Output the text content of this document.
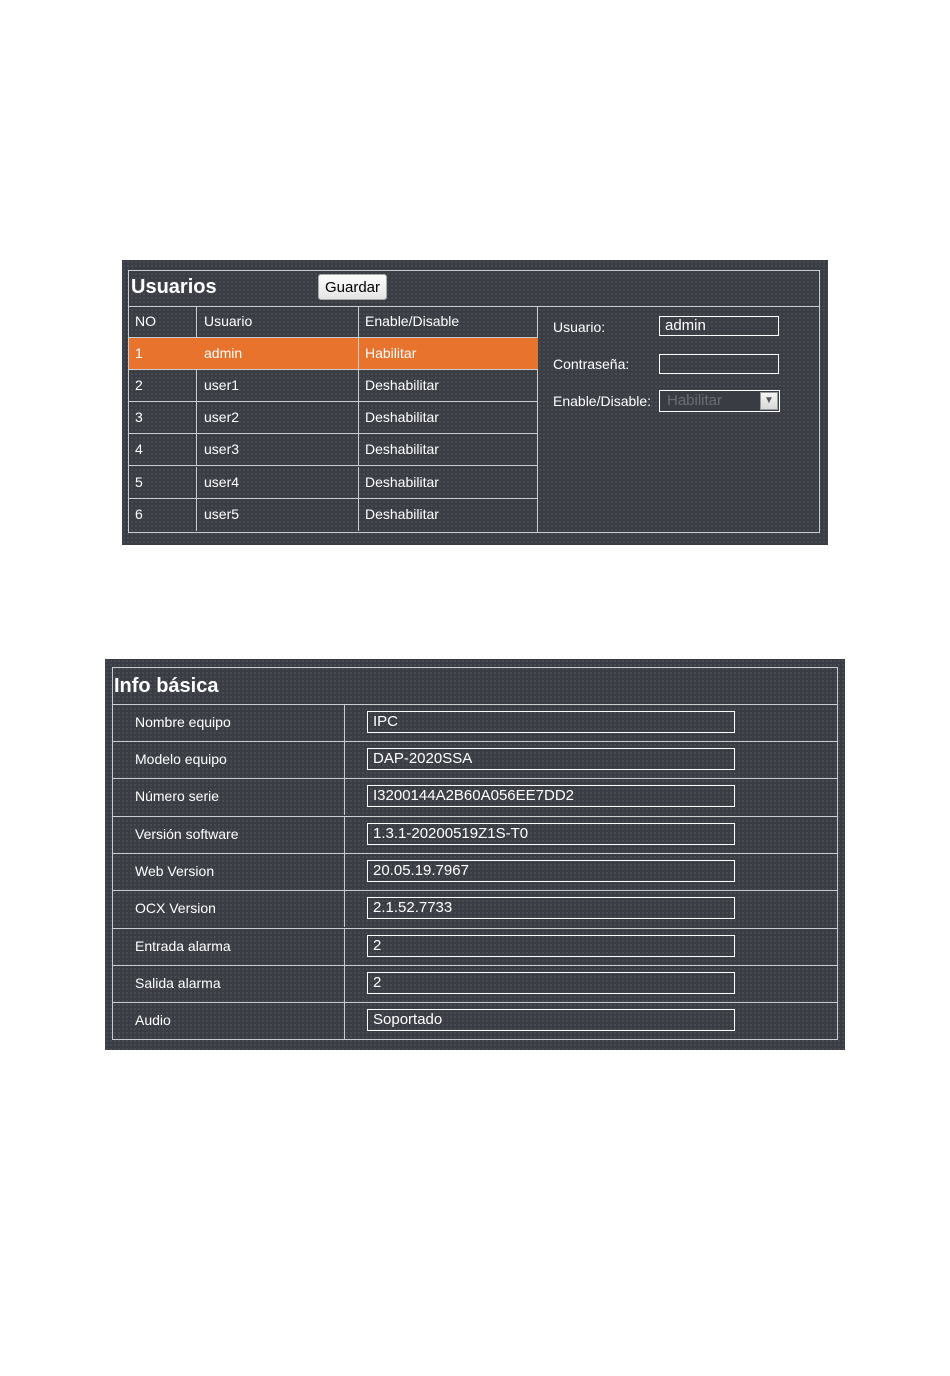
Usuarios	Guardar
NO	Usuario	Enable/Disable
1	admin	Habilitar
2	user1	Deshabilitar
3	user2	Deshabilitar
4	user3	Deshabilitar
5	user4	Deshabilitar
6	user5	Deshabilitar
Usuario:	admin
Contraseña:
Enable/Disable:	Habilitar	▼
Info básica
Nombre equipo	IPC
Modelo equipo	DAP-2020SSA
Número serie	I3200144A2B60A056EE7DD2
Versión software	1.3.1-20200519Z1S-T0
Web Version	20.05.19.7967
OCX Version	2.1.52.7733
Entrada alarma	2
Salida alarma	2
Audio	Soportado
